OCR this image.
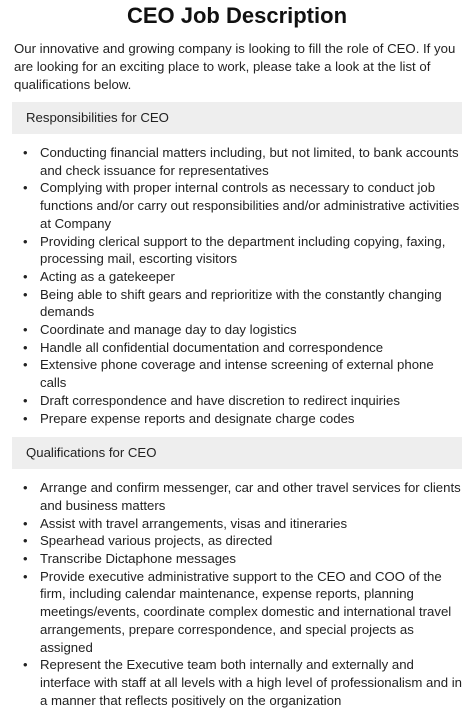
CEO Job Description

Our innovative and growing company is looking to fill the role of CEO. If you are looking for an exciting place to work, please take a look at the list of qualifications below.

Responsibilities for CEO
• Conducting financial matters including, but not limited, to bank accounts and check issuance for representatives
• Complying with proper internal controls as necessary to conduct job functions and/or carry out responsibilities and/or administrative activities at Company
• Providing clerical support to the department including copying, faxing, processing mail, escorting visitors
• Acting as a gatekeeper
• Being able to shift gears and reprioritize with the constantly changing demands
• Coordinate and manage day to day logistics
• Handle all confidential documentation and correspondence
• Extensive phone coverage and intense screening of external phone calls
• Draft correspondence and have discretion to redirect inquiries
• Prepare expense reports and designate charge codes
Qualifications for CEO
• Arrange and confirm messenger, car and other travel services for clients and business matters
• Assist with travel arrangements, visas and itineraries
• Spearhead various projects, as directed
• Transcribe Dictaphone messages
• Provide executive administrative support to the CEO and COO of the firm, including calendar maintenance, expense reports, planning meetings/events, coordinate complex domestic and international travel arrangements, prepare correspondence, and special projects as assigned
• Represent the Executive team both internally and externally and interface with staff at all levels with a high level of professionalism and in a manner that reflects positively on the organization
